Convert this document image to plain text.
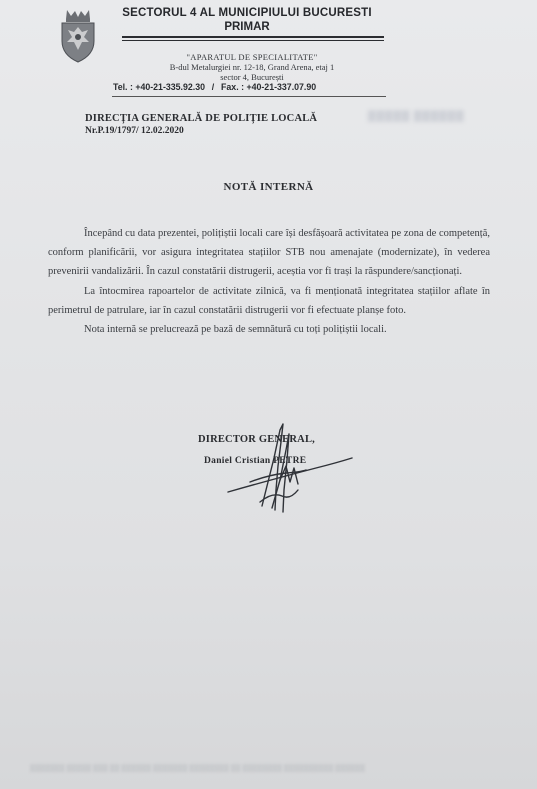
SECTORUL 4 AL MUNICIPIULUI BUCURESTI
PRIMAR
"APARATUL DE SPECIALITATE"
B-dul Metalurgiei nr. 12-18, Grand Arena, etaj 1
sector 4, București
Tel. : +40-21-335.92.30 / Fax. : +40-21-337.07.90
DIRECȚIA GENERALĂ DE POLIȚIE LOCALĂ
Nr.P.19/1797/ 12.02.2020
▒▒▒▒▒ ▒▒▒▒▒▒
NOTĂ INTERNĂ

Începând cu data prezentei, polițiștii locali care își desfășoară activitatea pe zona de competență, conform planificării, vor asigura integritatea stațiilor STB nou amenajate (modernizate), în vederea prevenirii vandalizării. În cazul constatării distrugerii, aceștia vor fi trași la răspundere/sancționați.

La întocmirea rapoartelor de activitate zilnică, va fi menționată integritatea stațiilor aflate în perimetrul de patrulare, iar în cazul constatării distrugerii vor fi efectuate planșe foto.

Nota internă se prelucrează pe bază de semnătură cu toți polițiștii locali.

DIRECTOR GENERAL,
Daniel Cristian PETRE
▒▒▒▒▒▒▒ ▒▒▒▒▒ ▒▒▒ ▒▒ ▒▒▒▒▒▒ ▒▒▒▒▒▒▒ ▒▒▒▒▒▒▒▒ ▒▒ ▒▒▒▒▒▒▒▒ ▒▒▒▒▒▒▒▒▒▒ ▒▒▒▒▒▒
